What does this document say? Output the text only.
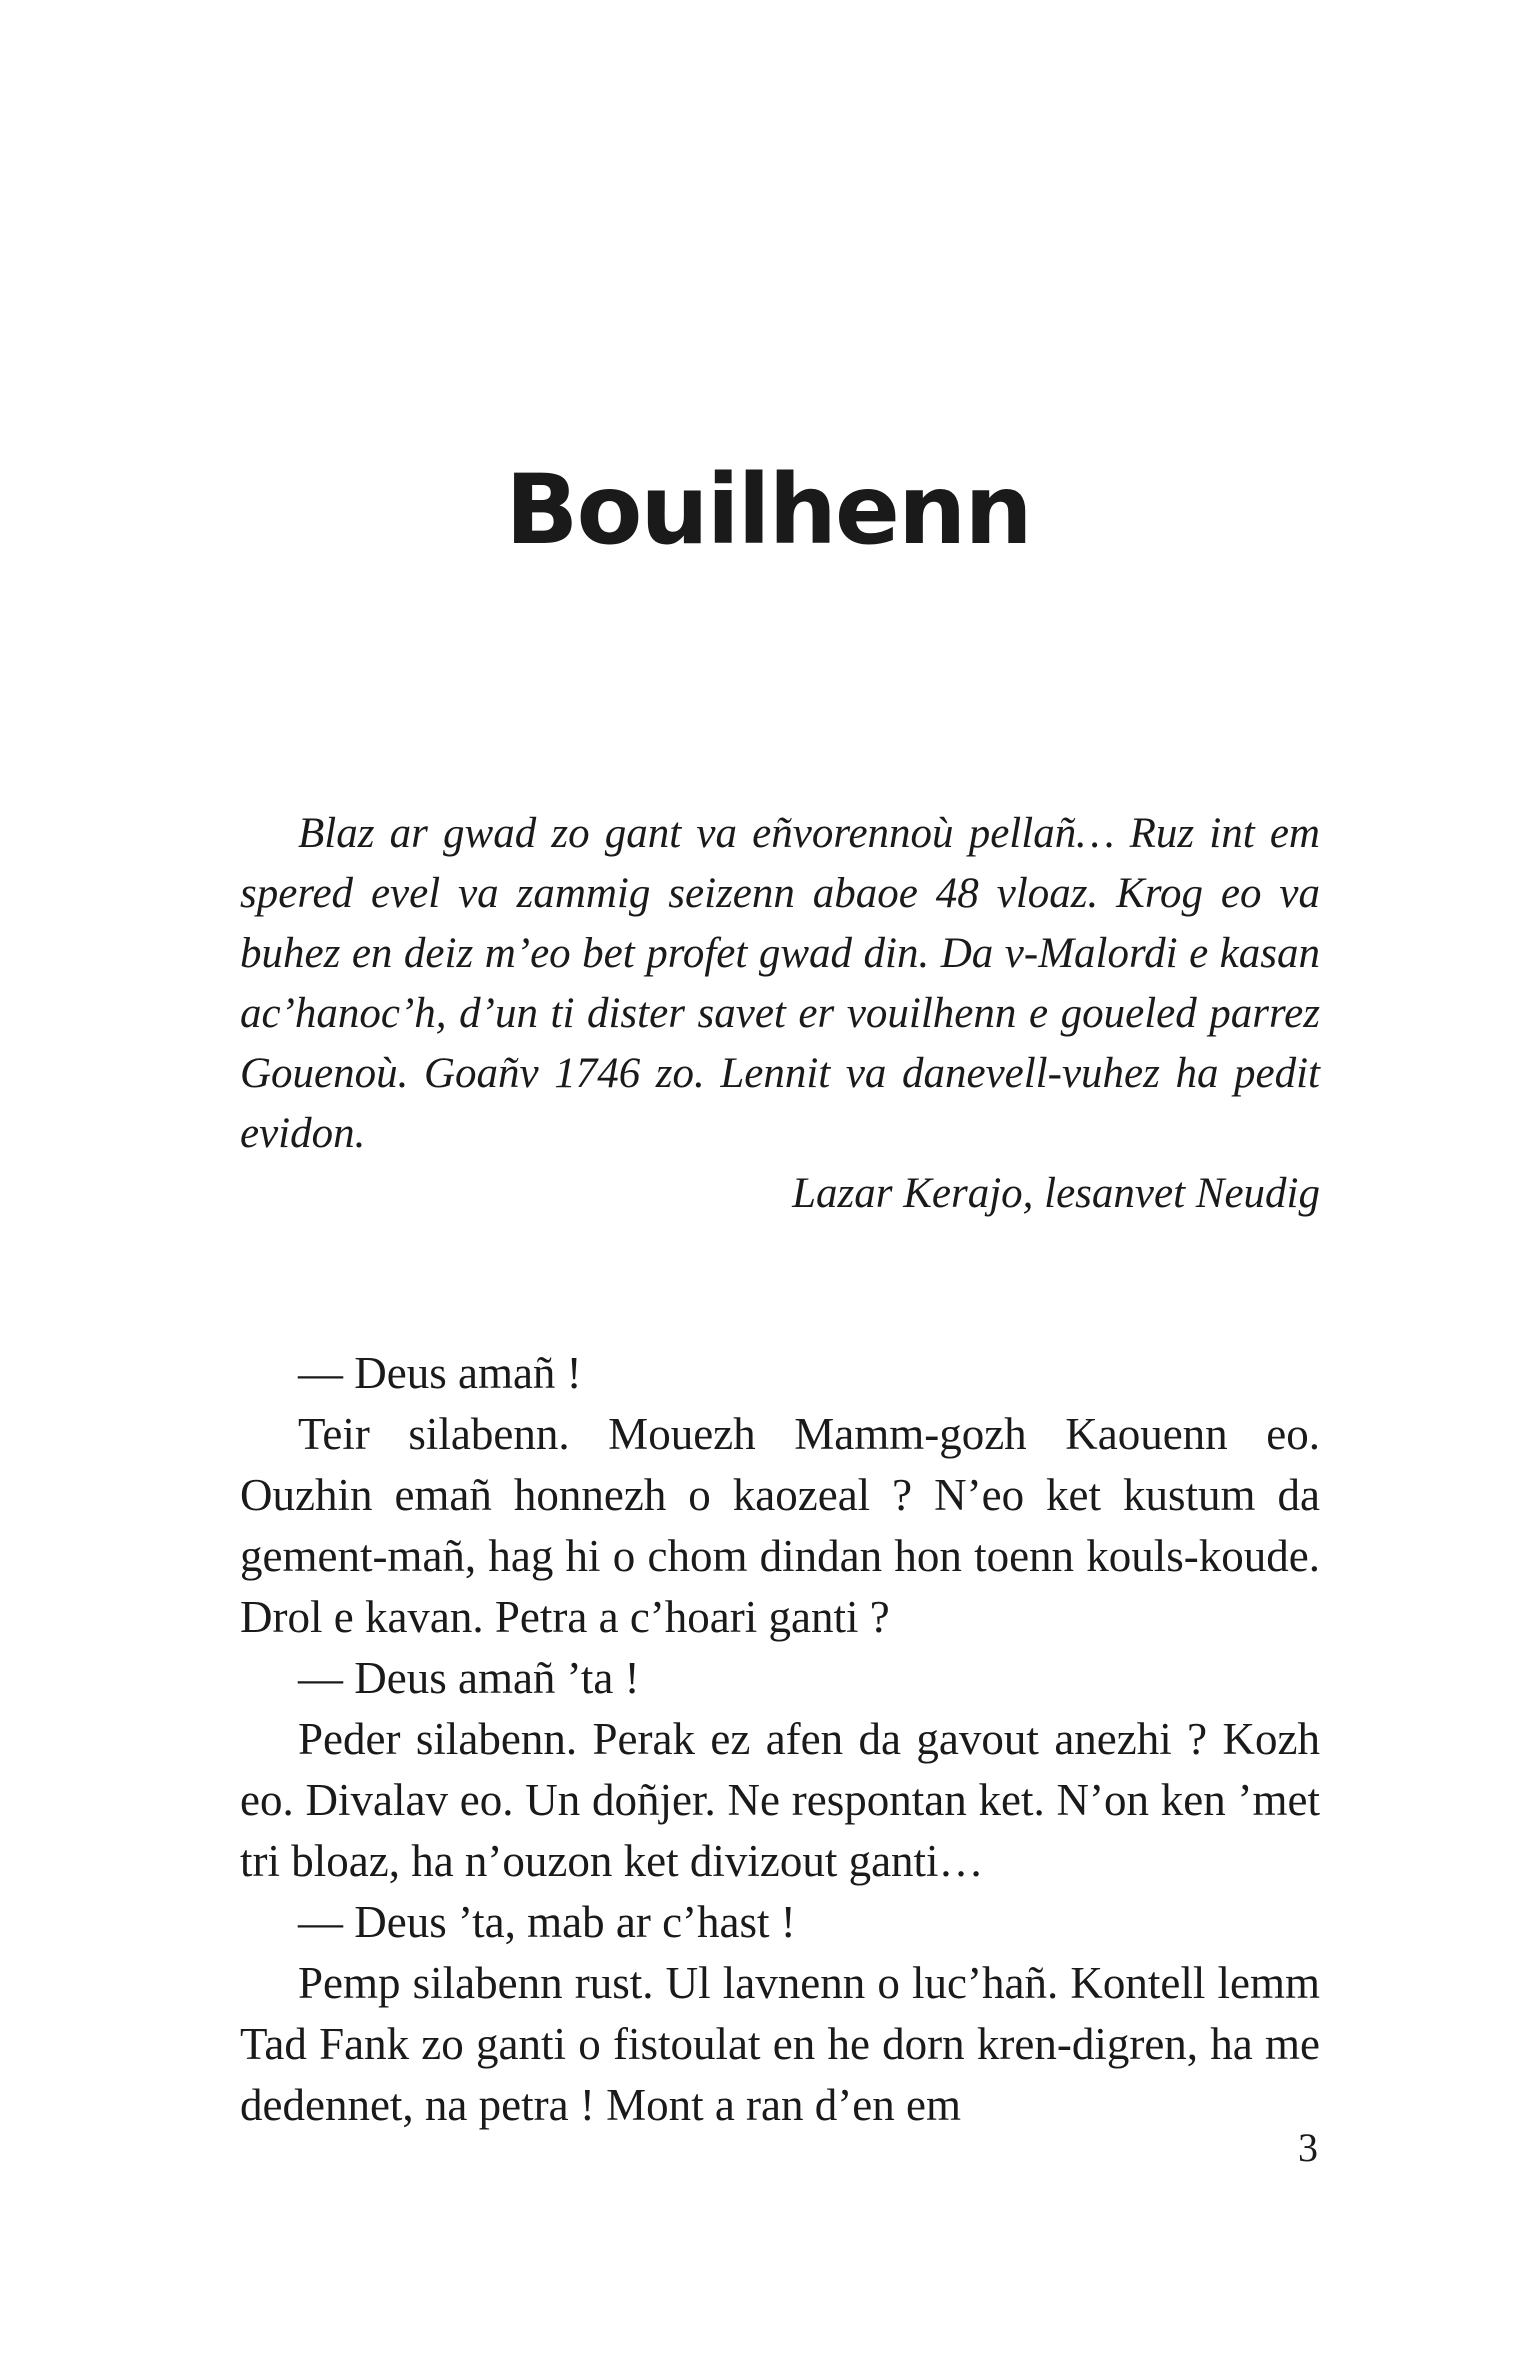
Bouilhenn

Blaz ar gwad zo gant va eñvorennoù pellañ… Ruz int em spered evel va zammig seizenn abaoe 48 vloaz. Krog eo va buhez en deiz m’eo bet profet gwad din. Da v-Malordi e kasan ac’hanoc’h, d’un ti dister savet er vouilhenn e goueled parrez Gouenoù. Goañv 1746 zo. Lennit va danevell-vuhez ha pedit evidon.

Lazar Kerajo, lesanvet Neudig

— Deus amañ !

Teir silabenn. Mouezh Mamm-gozh Kaouenn eo. Ouzhin emañ honnezh o kaozeal ? N’eo ket kustum da gement-mañ, hag hi o chom dindan hon toenn kouls-koude. Drol e kavan. Petra a c’hoari ganti ?

— Deus amañ ’ta !

Peder silabenn. Perak ez afen da gavout anezhi ? Kozh eo. Divalav eo. Un doñjer. Ne respontan ket. N’on ken ’met tri bloaz, ha n’ouzon ket divizout ganti…

— Deus ’ta, mab ar c’hast !

Pemp silabenn rust. Ul lavnenn o luc’hañ. Kontell lemm Tad Fank zo ganti o fistoulat en he dorn kren-digren, ha me dedennet, na petra ! Mont a ran d’en em

3
